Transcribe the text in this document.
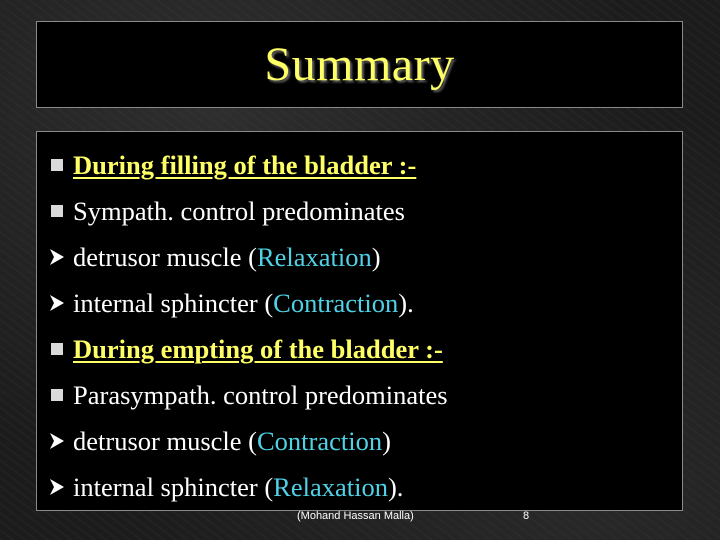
Summary
During filling of the bladder :-
Sympath. control predominates
detrusor muscle (Relaxation)
internal sphincter (Contraction).
During empting of the bladder :-
Parasympath. control predominates
detrusor muscle (Contraction)
internal sphincter (Relaxation).
(Mohand Hassan Malla)	8
